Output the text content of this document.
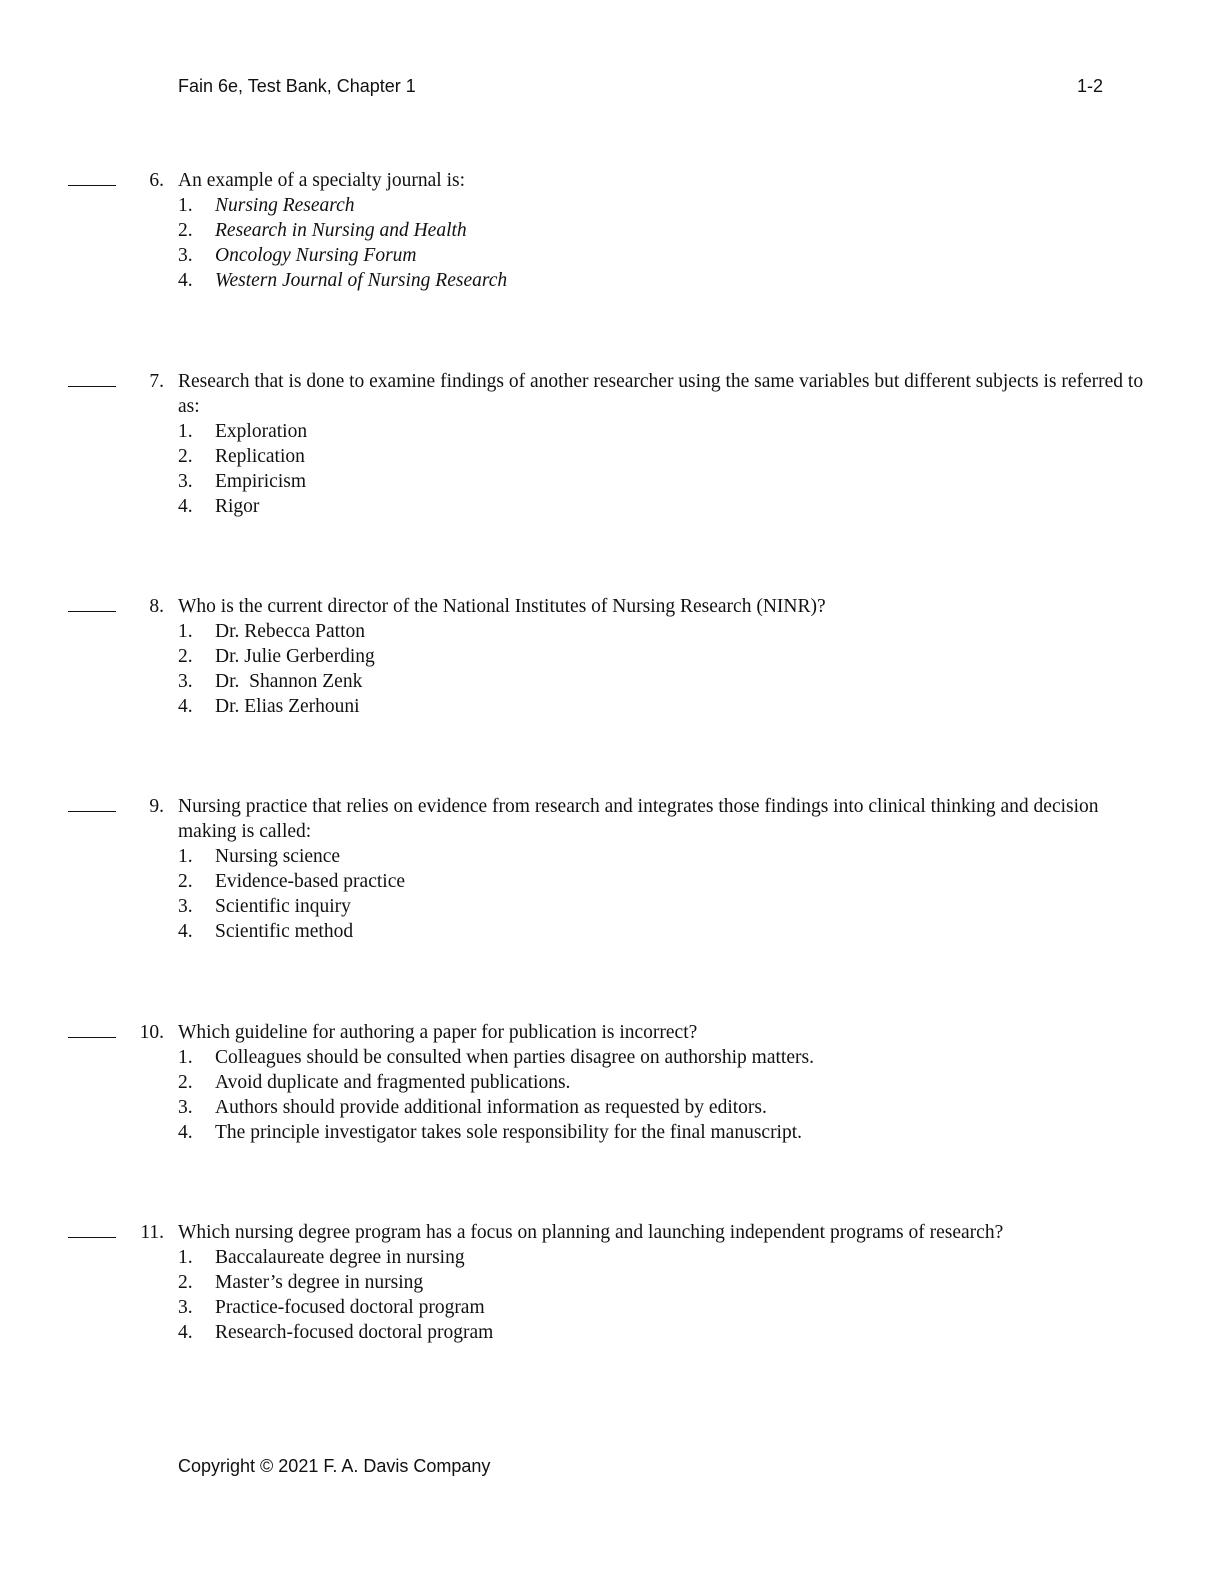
Fain 6e, Test Bank, Chapter 1	1-2
6. An example of a specialty journal is:
1. Nursing Research
2. Research in Nursing and Health
3. Oncology Nursing Forum
4. Western Journal of Nursing Research
7. Research that is done to examine findings of another researcher using the same variables but different subjects is referred to as:
1. Exploration
2. Replication
3. Empiricism
4. Rigor
8. Who is the current director of the National Institutes of Nursing Research (NINR)?
1. Dr. Rebecca Patton
2. Dr. Julie Gerberding
3. Dr.  Shannon Zenk
4. Dr. Elias Zerhouni
9. Nursing practice that relies on evidence from research and integrates those findings into clinical thinking and decision making is called:
1. Nursing science
2. Evidence-based practice
3. Scientific inquiry
4. Scientific method
10. Which guideline for authoring a paper for publication is incorrect?
1. Colleagues should be consulted when parties disagree on authorship matters.
2. Avoid duplicate and fragmented publications.
3. Authors should provide additional information as requested by editors.
4. The principle investigator takes sole responsibility for the final manuscript.
11. Which nursing degree program has a focus on planning and launching independent programs of research?
1. Baccalaureate degree in nursing
2. Master’s degree in nursing
3. Practice-focused doctoral program
4. Research-focused doctoral program
Copyright © 2021 F. A. Davis Company
